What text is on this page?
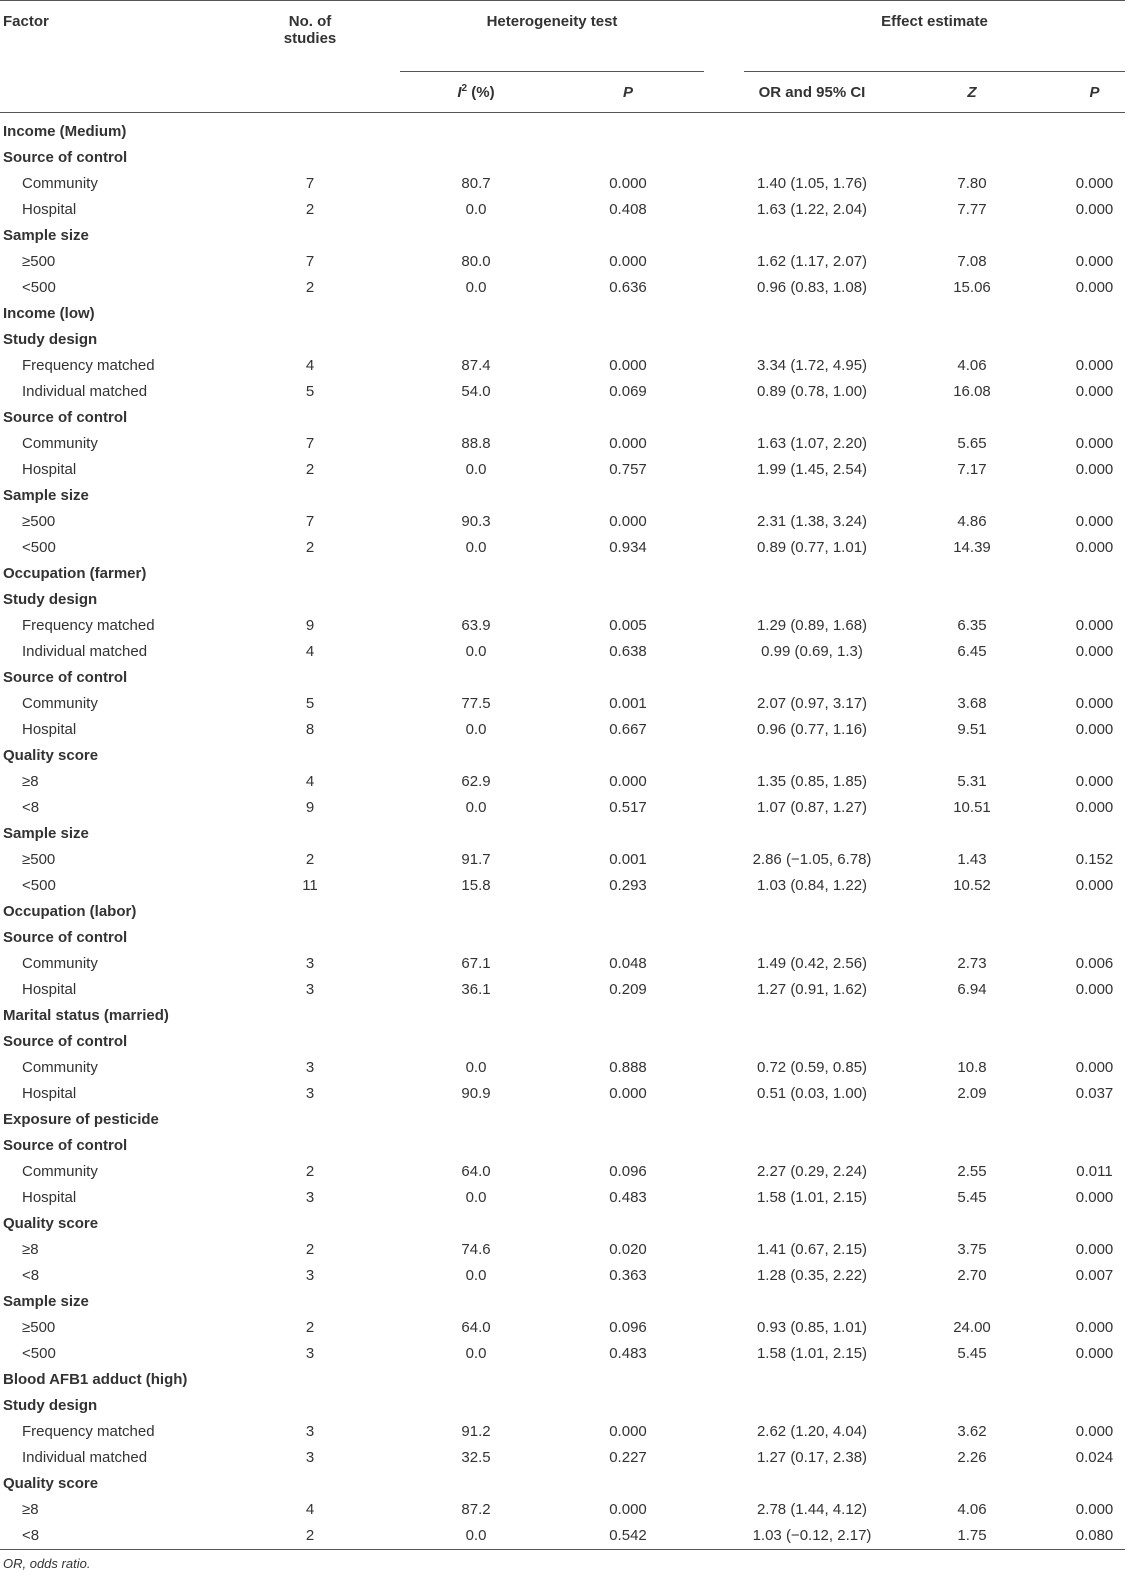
Factor	No. of
studies		Heterogeneity test			Effect estimate		
			$I^2$ (%)	P		OR and 95% CI	Z	P
Income (Medium)								
Source of control								
Community	7		80.7	0.000		1.40 (1.05, 1.76)	7.80	0.000
Hospital	2		0.0	0.408		1.63 (1.22, 2.04)	7.77	0.000
Sample size								
≥500	7		80.0	0.000		1.62 (1.17, 2.07)	7.08	0.000
<500	2		0.0	0.636		0.96 (0.83, 1.08)	15.06	0.000
Income (low)								
Study design								
Frequency matched	4		87.4	0.000		3.34 (1.72, 4.95)	4.06	0.000
Individual matched	5		54.0	0.069		0.89 (0.78, 1.00)	16.08	0.000
Source of control								
Community	7		88.8	0.000		1.63 (1.07, 2.20)	5.65	0.000
Hospital	2		0.0	0.757		1.99 (1.45, 2.54)	7.17	0.000
Sample size								
≥500	7		90.3	0.000		2.31 (1.38, 3.24)	4.86	0.000
<500	2		0.0	0.934		0.89 (0.77, 1.01)	14.39	0.000
Occupation (farmer)								
Study design								
Frequency matched	9		63.9	0.005		1.29 (0.89, 1.68)	6.35	0.000
Individual matched	4		0.0	0.638		0.99 (0.69, 1.3)	6.45	0.000
Source of control								
Community	5		77.5	0.001		2.07 (0.97, 3.17)	3.68	0.000
Hospital	8		0.0	0.667		0.96 (0.77, 1.16)	9.51	0.000
Quality score								
≥8	4		62.9	0.000		1.35 (0.85, 1.85)	5.31	0.000
<8	9		0.0	0.517		1.07 (0.87, 1.27)	10.51	0.000
Sample size								
≥500	2		91.7	0.001		2.86 (−1.05, 6.78)	1.43	0.152
<500	11		15.8	0.293		1.03 (0.84, 1.22)	10.52	0.000
Occupation (labor)								
Source of control								
Community	3		67.1	0.048		1.49 (0.42, 2.56)	2.73	0.006
Hospital	3		36.1	0.209		1.27 (0.91, 1.62)	6.94	0.000
Marital status (married)								
Source of control								
Community	3		0.0	0.888		0.72 (0.59, 0.85)	10.8	0.000
Hospital	3		90.9	0.000		0.51 (0.03, 1.00)	2.09	0.037
Exposure of pesticide								
Source of control								
Community	2		64.0	0.096		2.27 (0.29, 2.24)	2.55	0.011
Hospital	3		0.0	0.483		1.58 (1.01, 2.15)	5.45	0.000
Quality score								
≥8	2		74.6	0.020		1.41 (0.67, 2.15)	3.75	0.000
<8	3		0.0	0.363		1.28 (0.35, 2.22)	2.70	0.007
Sample size								
≥500	2		64.0	0.096		0.93 (0.85, 1.01)	24.00	0.000
<500	3		0.0	0.483		1.58 (1.01, 2.15)	5.45	0.000
Blood AFB1 adduct (high)								
Study design								
Frequency matched	3		91.2	0.000		2.62 (1.20, 4.04)	3.62	0.000
Individual matched	3		32.5	0.227		1.27 (0.17, 2.38)	2.26	0.024
Quality score								
≥8	4		87.2	0.000		2.78 (1.44, 4.12)	4.06	0.000
<8	2		0.0	0.542		1.03 (−0.12, 2.17)	1.75	0.080
OR, odds ratio.
